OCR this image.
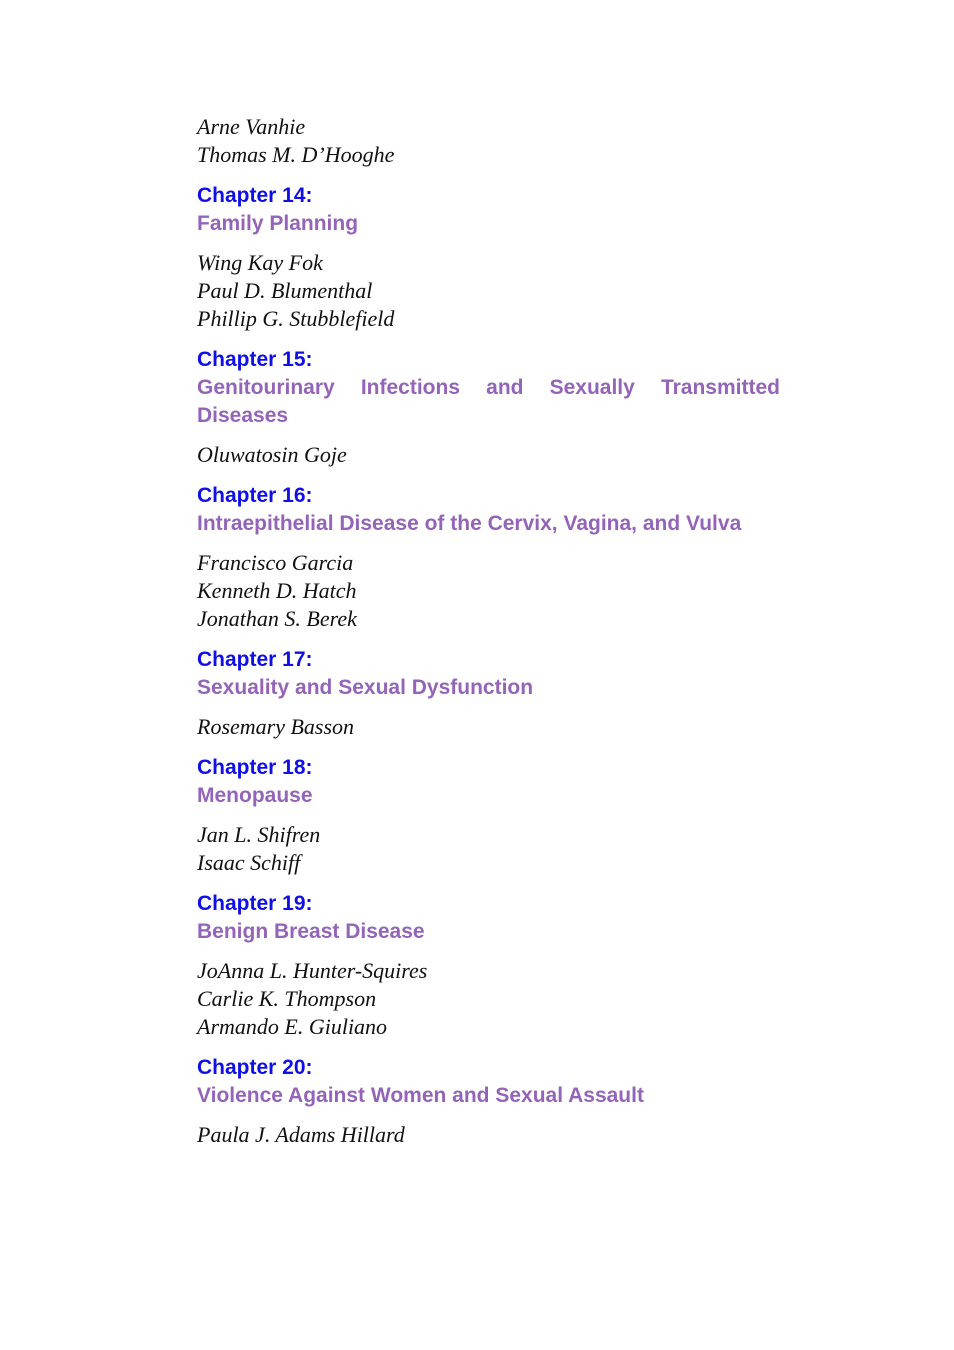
Arne Vanhie
Thomas M. D’Hooghe
Chapter 14:
Family Planning
Wing Kay Fok
Paul D. Blumenthal
Phillip G. Stubblefield
Chapter 15:
Genitourinary Infections and Sexually Transmitted Diseases
Oluwatosin Goje
Chapter 16:
Intraepithelial Disease of the Cervix, Vagina, and Vulva
Francisco Garcia
Kenneth D. Hatch
Jonathan S. Berek
Chapter 17:
Sexuality and Sexual Dysfunction
Rosemary Basson
Chapter 18:
Menopause
Jan L. Shifren
Isaac Schiff
Chapter 19:
Benign Breast Disease
JoAnna L. Hunter-Squires
Carlie K. Thompson
Armando E. Giuliano
Chapter 20:
Violence Against Women and Sexual Assault
Paula J. Adams Hillard
